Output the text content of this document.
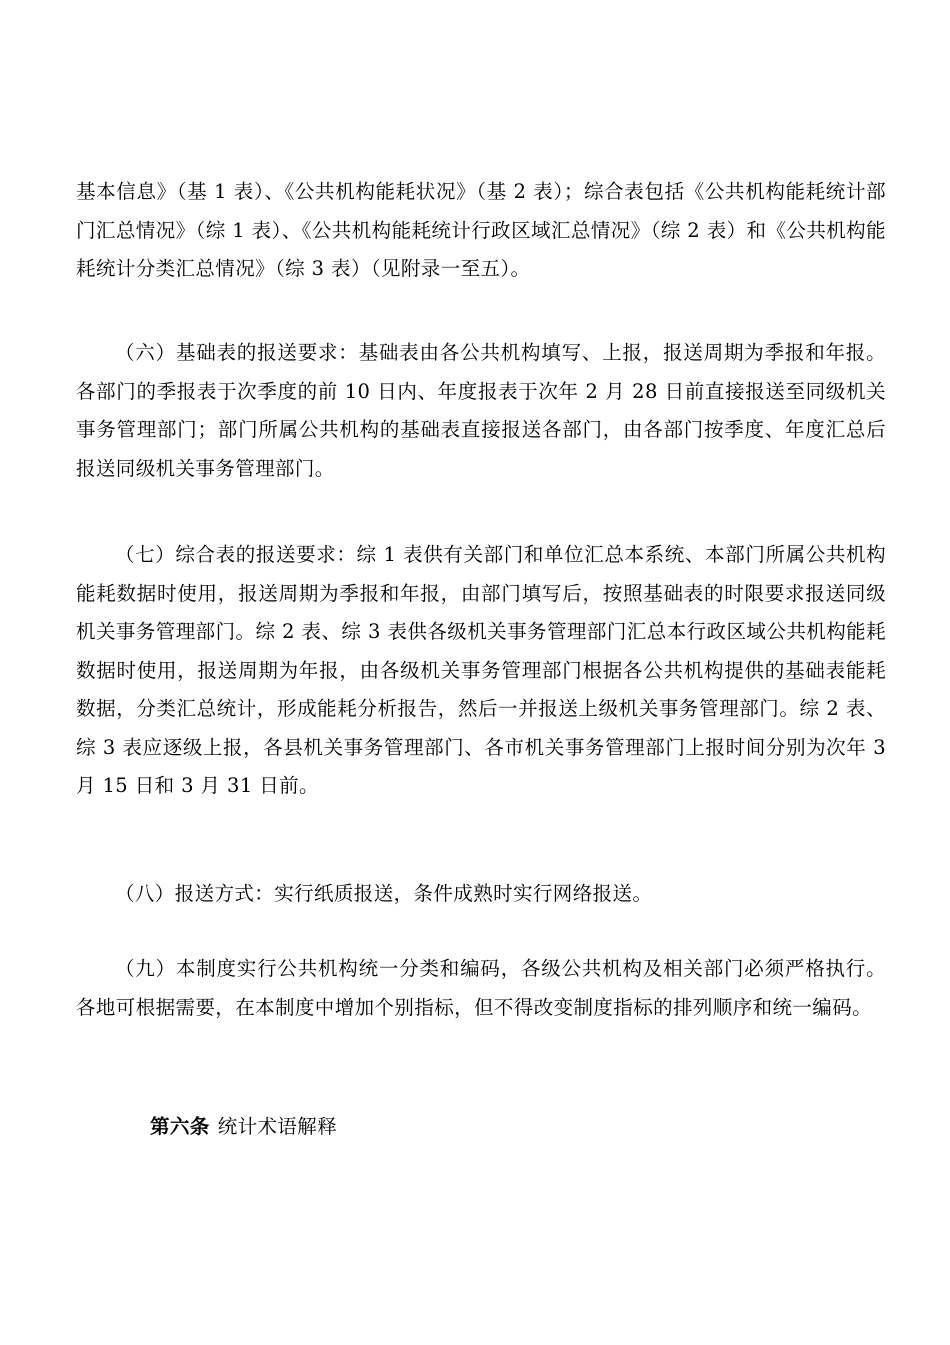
基本信息》（基 1 表）、《公共机构能耗状况》（基 2 表）；综合表包括《公共机构能耗统计部门汇总情况》（综 1 表）、《公共机构能耗统计行政区域汇总情况》（综 2 表）和《公共机构能耗统计分类汇总情况》（综 3 表）（见附录一至五）。

（六）基础表的报送要求：基础表由各公共机构填写、上报，报送周期为季报和年报。各部门的季报表于次季度的前 10 日内、年度报表于次年 2 月 28 日前直接报送至同级机关事务管理部门；部门所属公共机构的基础表直接报送各部门，由各部门按季度、年度汇总后报送同级机关事务管理部门。

（七）综合表的报送要求：综 1 表供有关部门和单位汇总本系统、本部门所属公共机构能耗数据时使用，报送周期为季报和年报，由部门填写后，按照基础表的时限要求报送同级机关事务管理部门。综 2 表、综 3 表供各级机关事务管理部门汇总本行政区域公共机构能耗数据时使用，报送周期为年报，由各级机关事务管理部门根据各公共机构提供的基础表能耗数据，分类汇总统计，形成能耗分析报告，然后一并报送上级机关事务管理部门。综 2 表、综 3 表应逐级上报，各县机关事务管理部门、各市机关事务管理部门上报时间分别为次年 3 月 15 日和 3 月 31 日前。

（八）报送方式：实行纸质报送，条件成熟时实行网络报送。

（九）本制度实行公共机构统一分类和编码，各级公共机构及相关部门必须严格执行。各地可根据需要，在本制度中增加个别指标，但不得改变制度指标的排列顺序和统一编码。

第六条 统计术语解释
